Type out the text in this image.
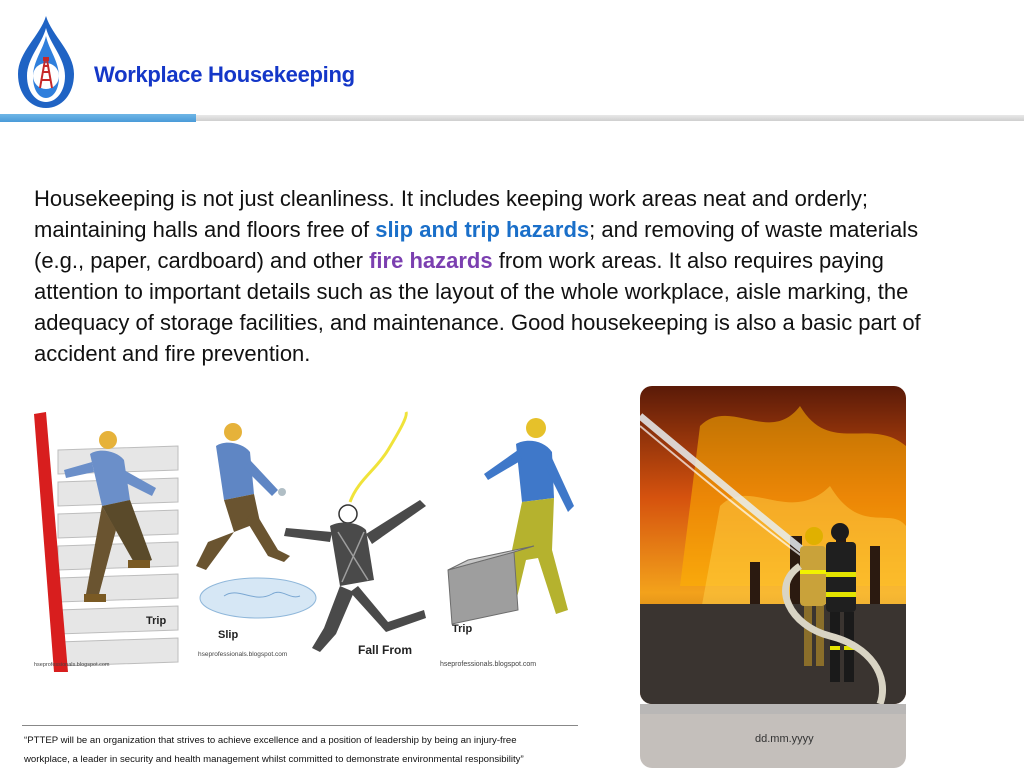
Workplace Housekeeping

Housekeeping is not just cleanliness. It includes keeping work areas neat and orderly; maintaining halls and floors free of slip and trip hazards; and removing of waste materials (e.g., paper, cardboard) and other fire hazards from work areas. It also requires paying attention to important details such as the layout of the whole workplace, aisle marking, the adequacy of storage facilities, and maintenance. Good housekeeping is also a basic part of accident and fire prevention.

Trip
hseprofessionals.blogspot.com
Slip
hseprofessionals.blogspot.com	Fall From
Trip
hseprofessionals.blogspot.com
“PTTEP will be an organization that strives to achieve excellence and a position of leadership by being an injury-free
workplace, a leader in security and health management whilst committed to demonstrate environmental responsibility”
dd.mm.yyyy
